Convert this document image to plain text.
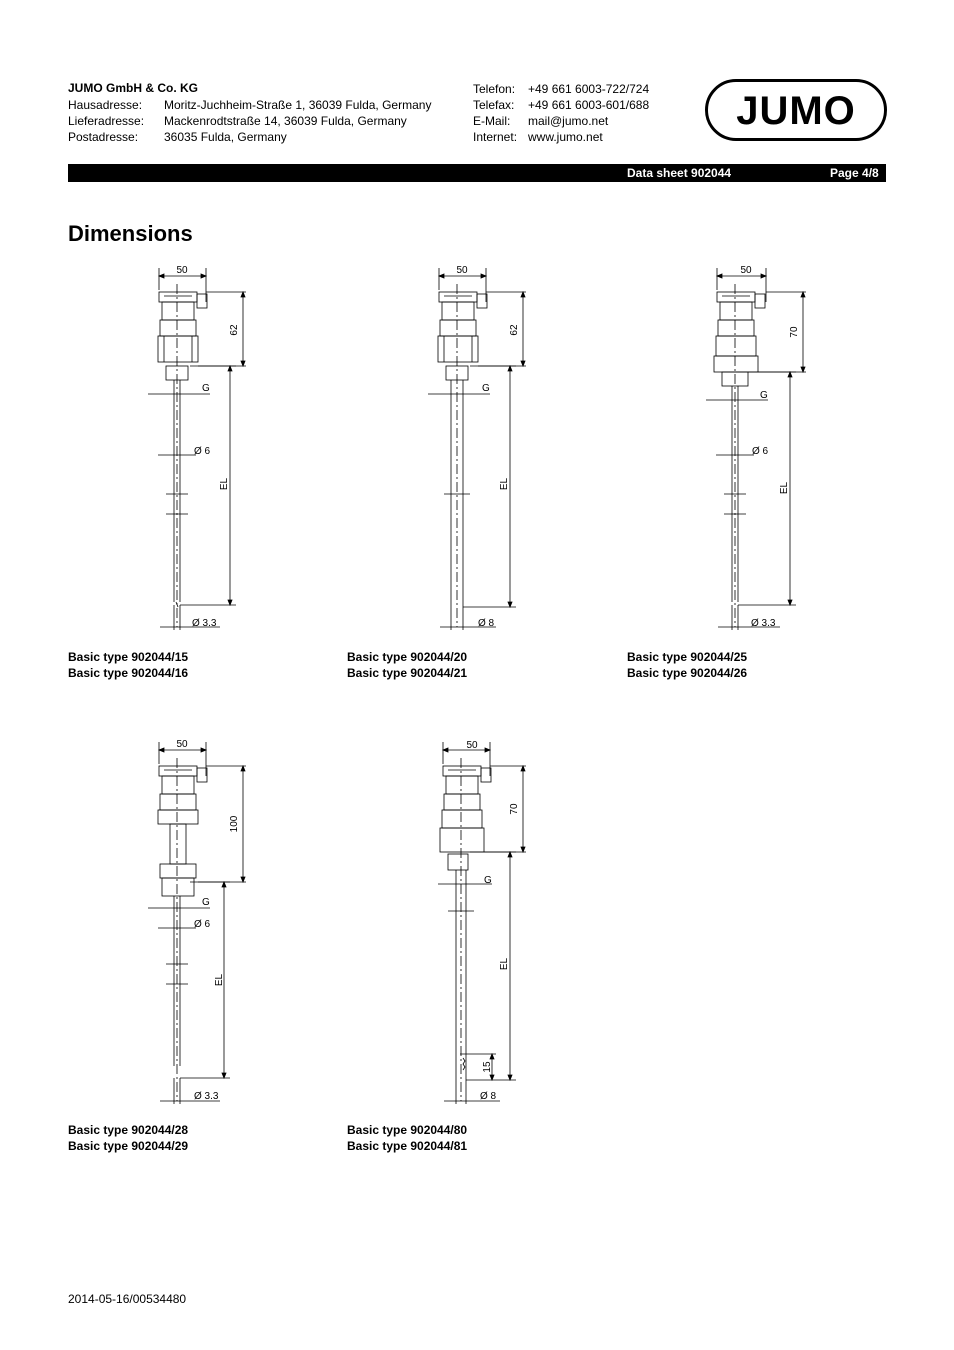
JUMO GmbH & Co. KG
Hausadresse: Moritz-Juchheim-Straße 1, 36039 Fulda, Germany
Lieferadresse: Mackenrodtstraße 14, 36039 Fulda, Germany
Postadresse: 36035 Fulda, Germany
Telefon: +49 661 6003-722/724
Telefax: +49 661 6003-601/688
E-Mail: mail@jumo.net
Internet: www.jumo.net
JUMO
Data sheet 902044	Page 4/8
Dimensions
50
62
G
Ø 6
EL
Ø 3.3
50
62
G
EL
Ø 8
50
70
G
Ø 6
EL
Ø 3.3
50
100
G
Ø 6
EL
Ø 3.3
50
70
G
EL
15
Ø 8
Basic type 902044/15
Basic type 902044/16
Basic type 902044/20
Basic type 902044/21
Basic type 902044/25
Basic type 902044/26
Basic type 902044/28
Basic type 902044/29
Basic type 902044/80
Basic type 902044/81
2014-05-16/00534480
